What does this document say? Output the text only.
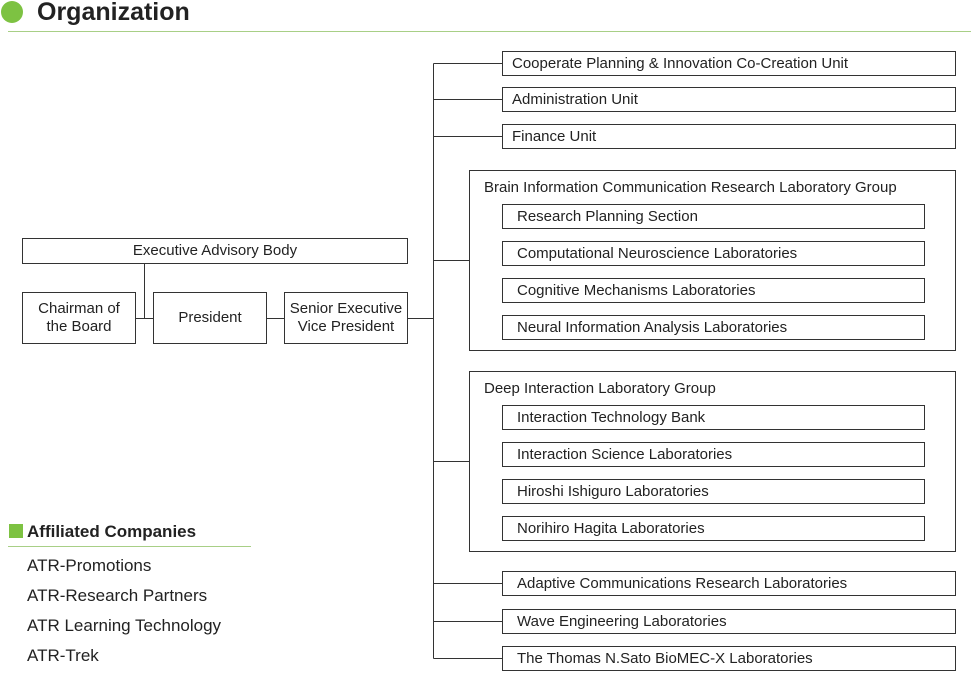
Organization
Executive Advisory Body
Chairman of
the Board
President
Senior Executive
Vice President
Cooperate Planning & Innovation Co-Creation Unit
Administration Unit
Finance Unit
Brain Information Communication Research Laboratory Group
Research Planning Section
Computational Neuroscience Laboratories
Cognitive Mechanisms Laboratories
Neural Information Analysis Laboratories
Deep Interaction Laboratory Group
Interaction Technology Bank
Interaction Science Laboratories
Hiroshi Ishiguro Laboratories
Norihiro Hagita Laboratories
Adaptive Communications Research Laboratories
Wave Engineering Laboratories
The Thomas N.Sato BioMEC-X Laboratories
Affiliated Companies
ATR-Promotions
ATR-Research Partners
ATR Learning Technology
ATR-Trek
